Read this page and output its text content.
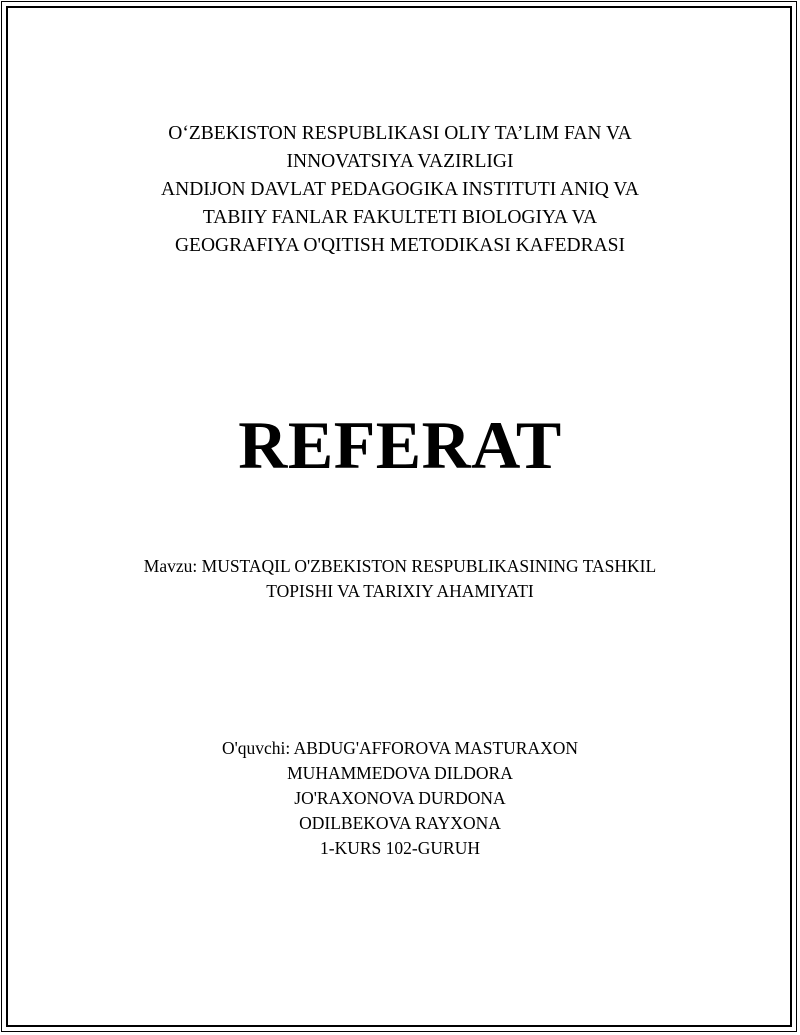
O‘ZBEKISTON RESPUBLIKASI OLIY TA’LIM FAN VA
INNOVATSIYA VAZIRLIGI
ANDIJON DAVLAT PEDAGOGIKA INSTITUTI ANIQ VA
TABIIY FANLAR FAKULTETI BIOLOGIYA VA
GEOGRAFIYA O'QITISH METODIKASI KAFEDRASI
REFERAT
Mavzu: MUSTAQIL O'ZBEKISTON RESPUBLIKASINING TASHKIL
TOPISHI VA TARIXIY AHAMIYATI
O'quvchi: ABDUG'AFFOROVA MASTURAXON
MUHAMMEDOVA DILDORA
JO'RAXONOVA DURDONA
ODILBEKOVA RAYXONA
1-KURS 102-GURUH
